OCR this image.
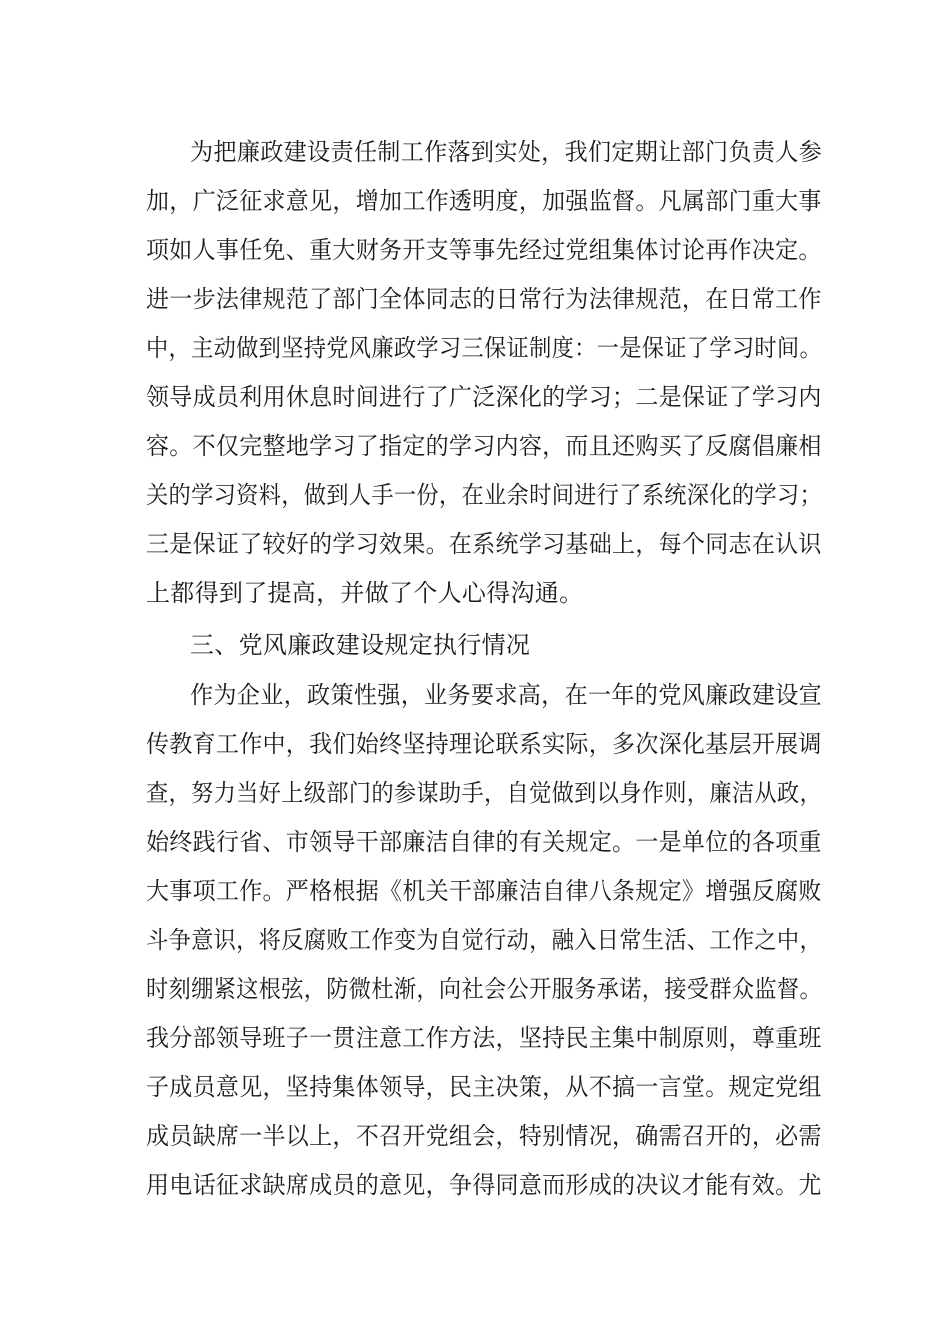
为把廉政建设责任制工作落到实处，我们定期让部门负责人参
加，广泛征求意见，增加工作透明度，加强监督。凡属部门重大事
项如人事任免、重大财务开支等事先经过党组集体讨论再作决定。
进一步法律规范了部门全体同志的日常行为法律规范，在日常工作
中，主动做到坚持党风廉政学习三保证制度：一是保证了学习时间。
领导成员利用休息时间进行了广泛深化的学习；二是保证了学习内
容。不仅完整地学习了指定的学习内容，而且还购买了反腐倡廉相
关的学习资料，做到人手一份，在业余时间进行了系统深化的学习；
三是保证了较好的学习效果。在系统学习基础上，每个同志在认识
上都得到了提高，并做了个人心得沟通。
三、党风廉政建设规定执行情况
作为企业，政策性强，业务要求高，在一年的党风廉政建设宣
传教育工作中，我们始终坚持理论联系实际，多次深化基层开展调
查，努力当好上级部门的参谋助手，自觉做到以身作则，廉洁从政，
始终践行省、市领导干部廉洁自律的有关规定。一是单位的各项重
大事项工作。严格根据《机关干部廉洁自律八条规定》增强反腐败
斗争意识，将反腐败工作变为自觉行动，融入日常生活、工作之中，
时刻绷紧这根弦，防微杜渐，向社会公开服务承诺，接受群众监督。
我分部领导班子一贯注意工作方法，坚持民主集中制原则，尊重班
子成员意见，坚持集体领导，民主决策，从不搞一言堂。规定党组
成员缺席一半以上，不召开党组会，特别情况，确需召开的，必需
用电话征求缺席成员的意见，争得同意而形成的决议才能有效。尤
